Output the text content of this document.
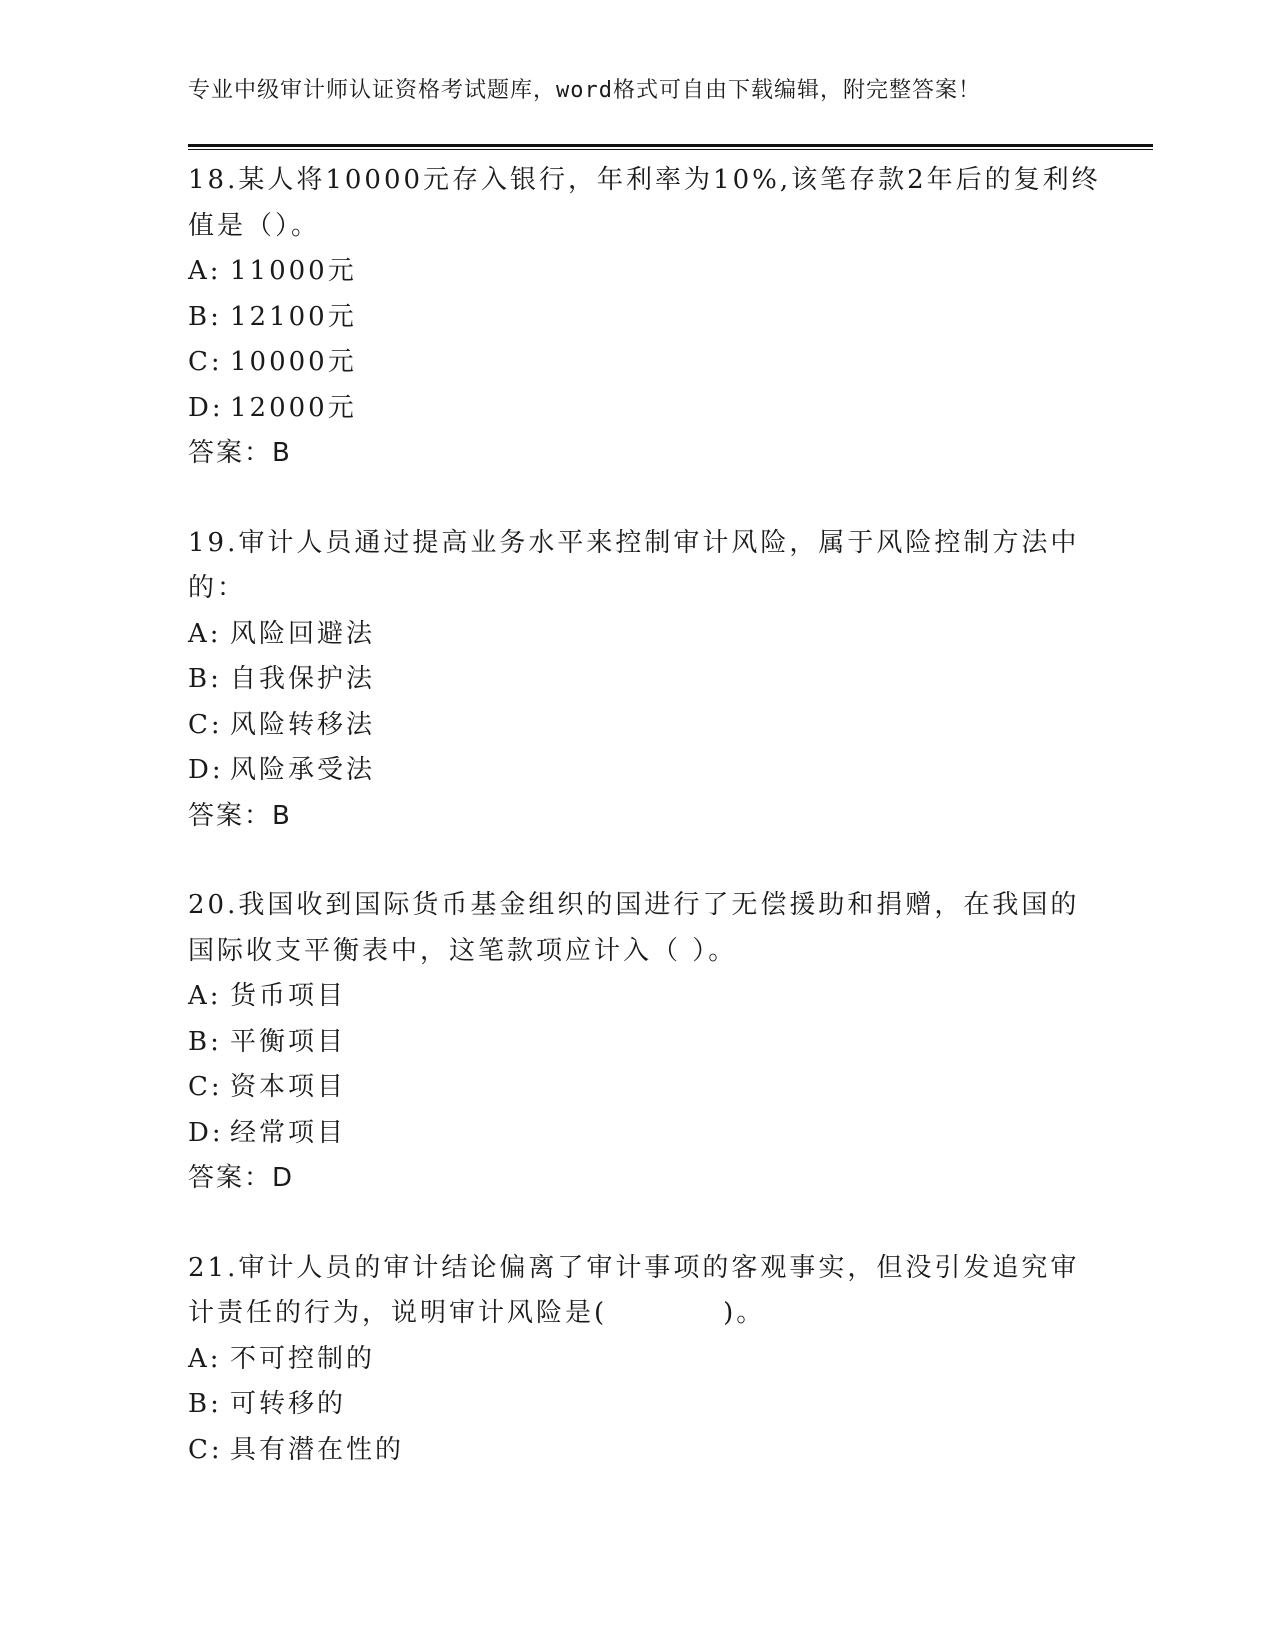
专业中级审计师认证资格考试题库，word格式可自由下载编辑，附完整答案！
18.某人将10000元存入银行，年利率为10%,该笔存款2年后的复利终
值是（）。
A: 11000元
B: 12100元
C: 10000元
D: 12000元
答案：B
19.审计人员通过提高业务水平来控制审计风险，属于风险控制方法中
的：
A: 风险回避法
B: 自我保护法
C: 风险转移法
D: 风险承受法
答案：B
20.我国收到国际货币基金组织的国进行了无偿援助和捐赠，在我国的
国际收支平衡表中，这笔款项应计入（ ）。
A: 货币项目
B: 平衡项目
C: 资本项目
D: 经常项目
答案：D
21.审计人员的审计结论偏离了审计事项的客观事实，但没引发追究审
计责任的行为，说明审计风险是(　　　　)。
A: 不可控制的
B: 可转移的
C: 具有潜在性的
